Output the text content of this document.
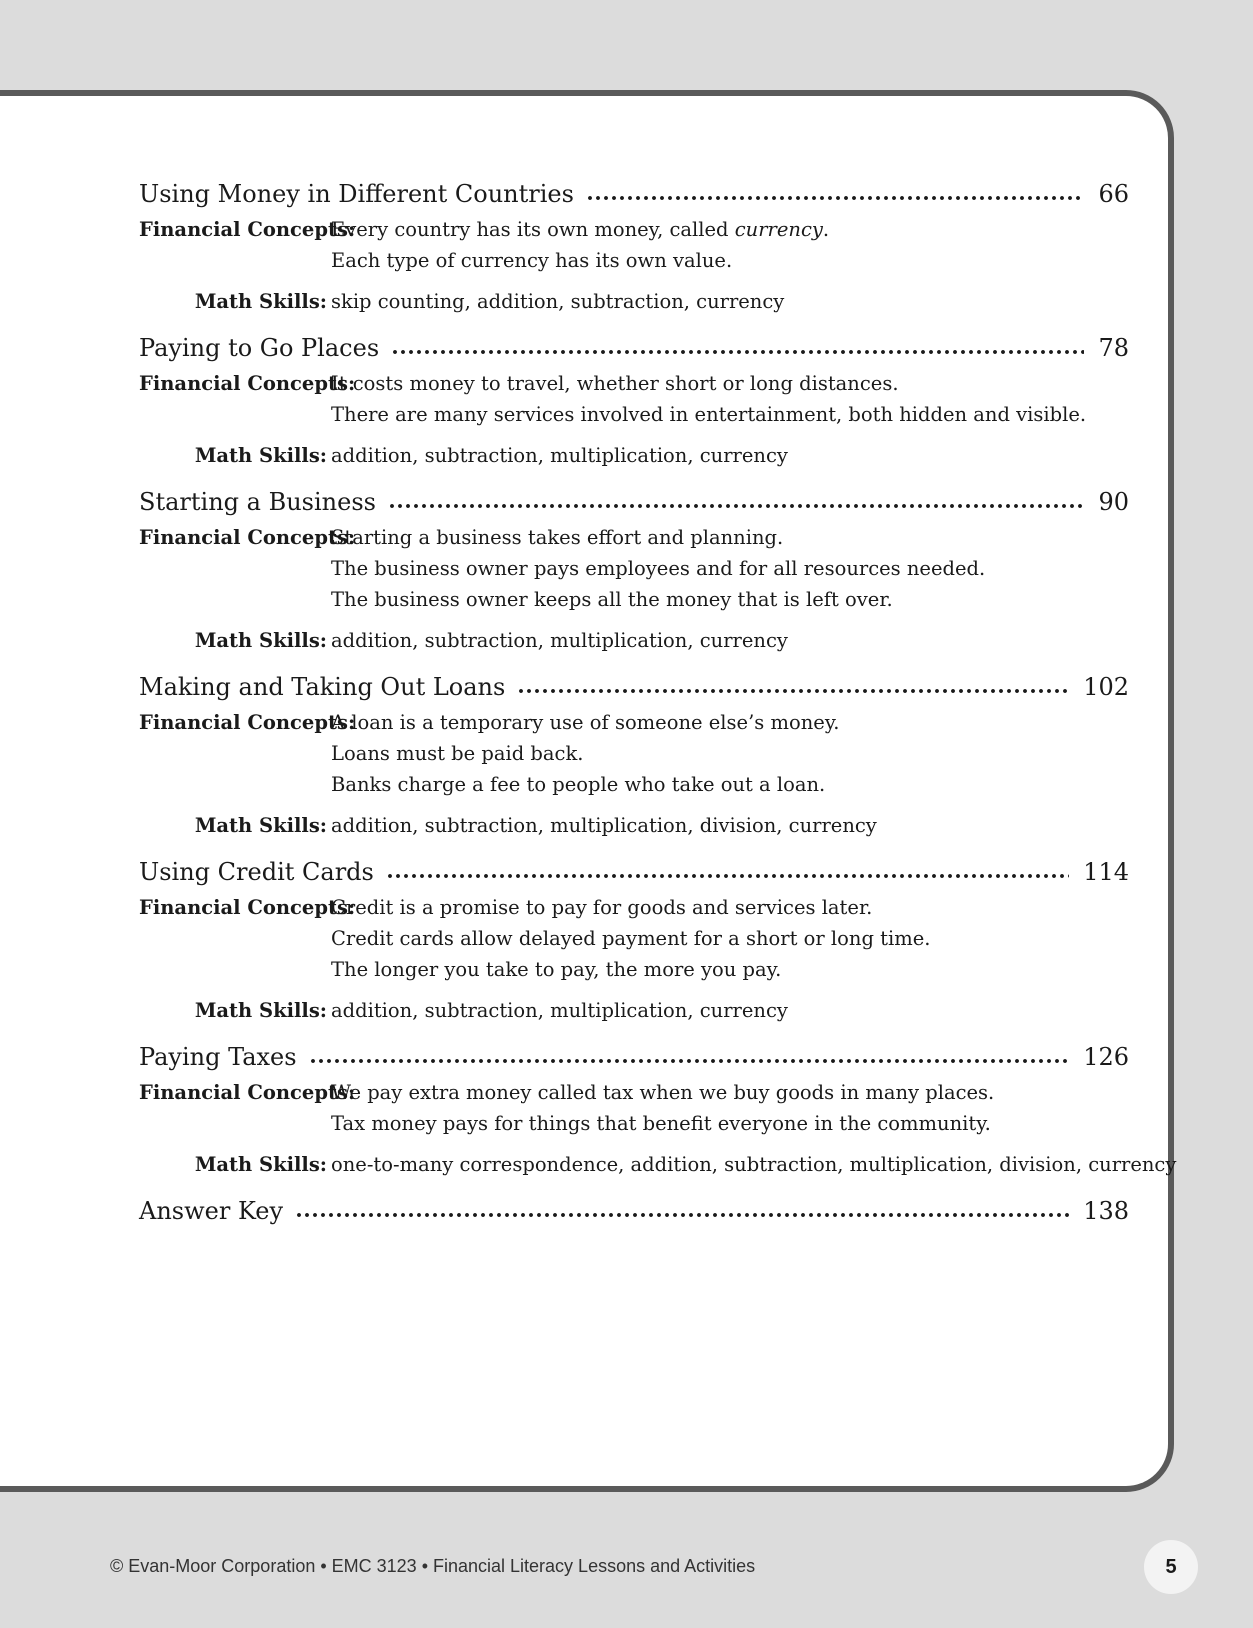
Using Money in Different Countries	66
Financial Concepts:
Every country has its own money, called currency.
Each type of currency has its own value.
Math Skills: skip counting, addition, subtraction, currency
Paying to Go Places	78
Financial Concepts:
It costs money to travel, whether short or long distances.
There are many services involved in entertainment, both hidden and visible.
Math Skills: addition, subtraction, multiplication, currency
Starting a Business	90
Financial Concepts:
Starting a business takes effort and planning.
The business owner pays employees and for all resources needed.
The business owner keeps all the money that is left over.
Math Skills: addition, subtraction, multiplication, currency
Making and Taking Out Loans	102
Financial Concepts:
A loan is a temporary use of someone else’s money.
Loans must be paid back.
Banks charge a fee to people who take out a loan.
Math Skills: addition, subtraction, multiplication, division, currency
Using Credit Cards	114
Financial Concepts:
Credit is a promise to pay for goods and services later.
Credit cards allow delayed payment for a short or long time.
The longer you take to pay, the more you pay.
Math Skills: addition, subtraction, multiplication, currency
Paying Taxes	126
Financial Concepts:
We pay extra money called tax when we buy goods in many places.
Tax money pays for things that benefit everyone in the community.
Math Skills: one-to-many correspondence, addition, subtraction, multiplication, division, currency
Answer Key	138
© Evan-Moor Corporation • EMC 3123 • Financial Literacy Lessons and Activities	5
